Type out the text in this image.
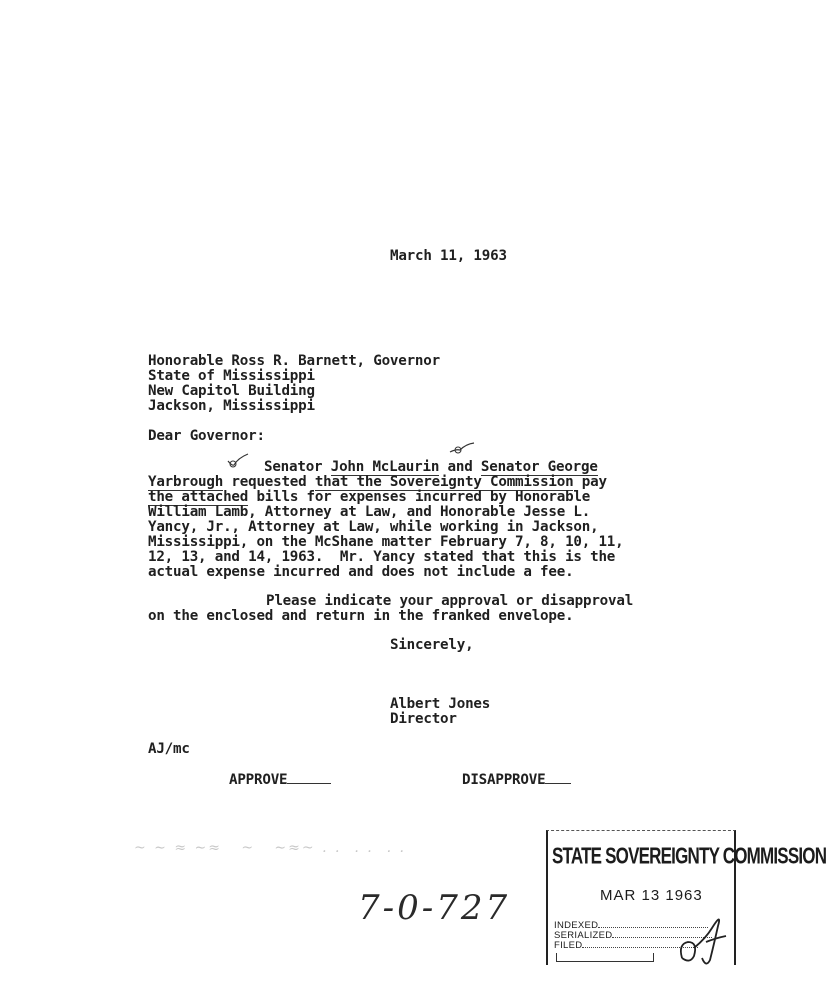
March 11, 1963
Honorable Ross R. Barnett, Governor
State of Mississippi
New Capitol Building
Jackson, Mississippi
Dear Governor:
Senator John McLaurin and Senator George
Yarbrough requested that the Sovereignty Commission pay
the attached bills for expenses incurred by Honorable
William Lamb, Attorney at Law, and Honorable Jesse L.
Yancy, Jr., Attorney at Law, while working in Jackson,
Mississippi, on the McShane matter February 7, 8, 10, 11,
12, 13, and 14, 1963.  Mr. Yancy stated that this is the
actual expense incurred and does not include a fee.
Please indicate your approval or disapproval
on the enclosed and return in the franked envelope.
Sincerely,
Albert Jones
Director
AJ/mc
APPROVE	DISAPPROVE
~ ∼ ≈ ∼≈   ~   ∼≈~ . .  . .  . .
7-0-727
STATE SOVEREIGNTY COMMISSION
MAR 13 1963
INDEXED
SERIALIZED
FILED
